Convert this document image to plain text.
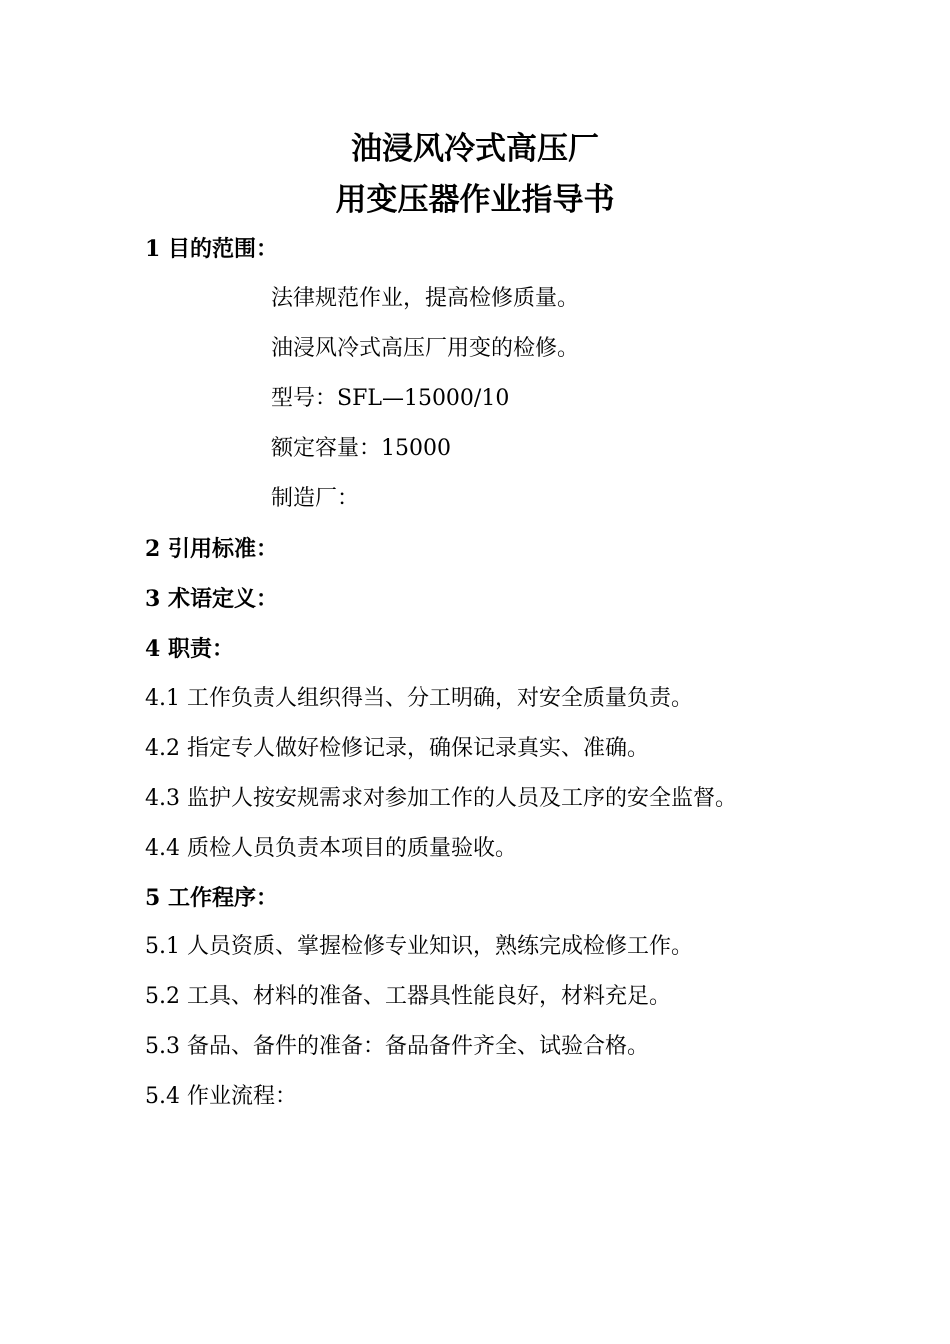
油浸风冷式高压厂
用变压器作业指导书
1 目的范围：
法律规范作业，提高检修质量。
油浸风冷式高压厂用变的检修。
型号：SFL—15000/10
额定容量：15000
制造厂：
2 引用标准：
3 术语定义：
4 职责：
4.1 工作负责人组织得当、分工明确，对安全质量负责。
4.2 指定专人做好检修记录，确保记录真实、准确。
4.3 监护人按安规需求对参加工作的人员及工序的安全监督。
4.4 质检人员负责本项目的质量验收。
5 工作程序：
5.1 人员资质、掌握检修专业知识，熟练完成检修工作。
5.2 工具、材料的准备、工器具性能良好，材料充足。
5.3 备品、备件的准备：备品备件齐全、试验合格。
5.4 作业流程：
